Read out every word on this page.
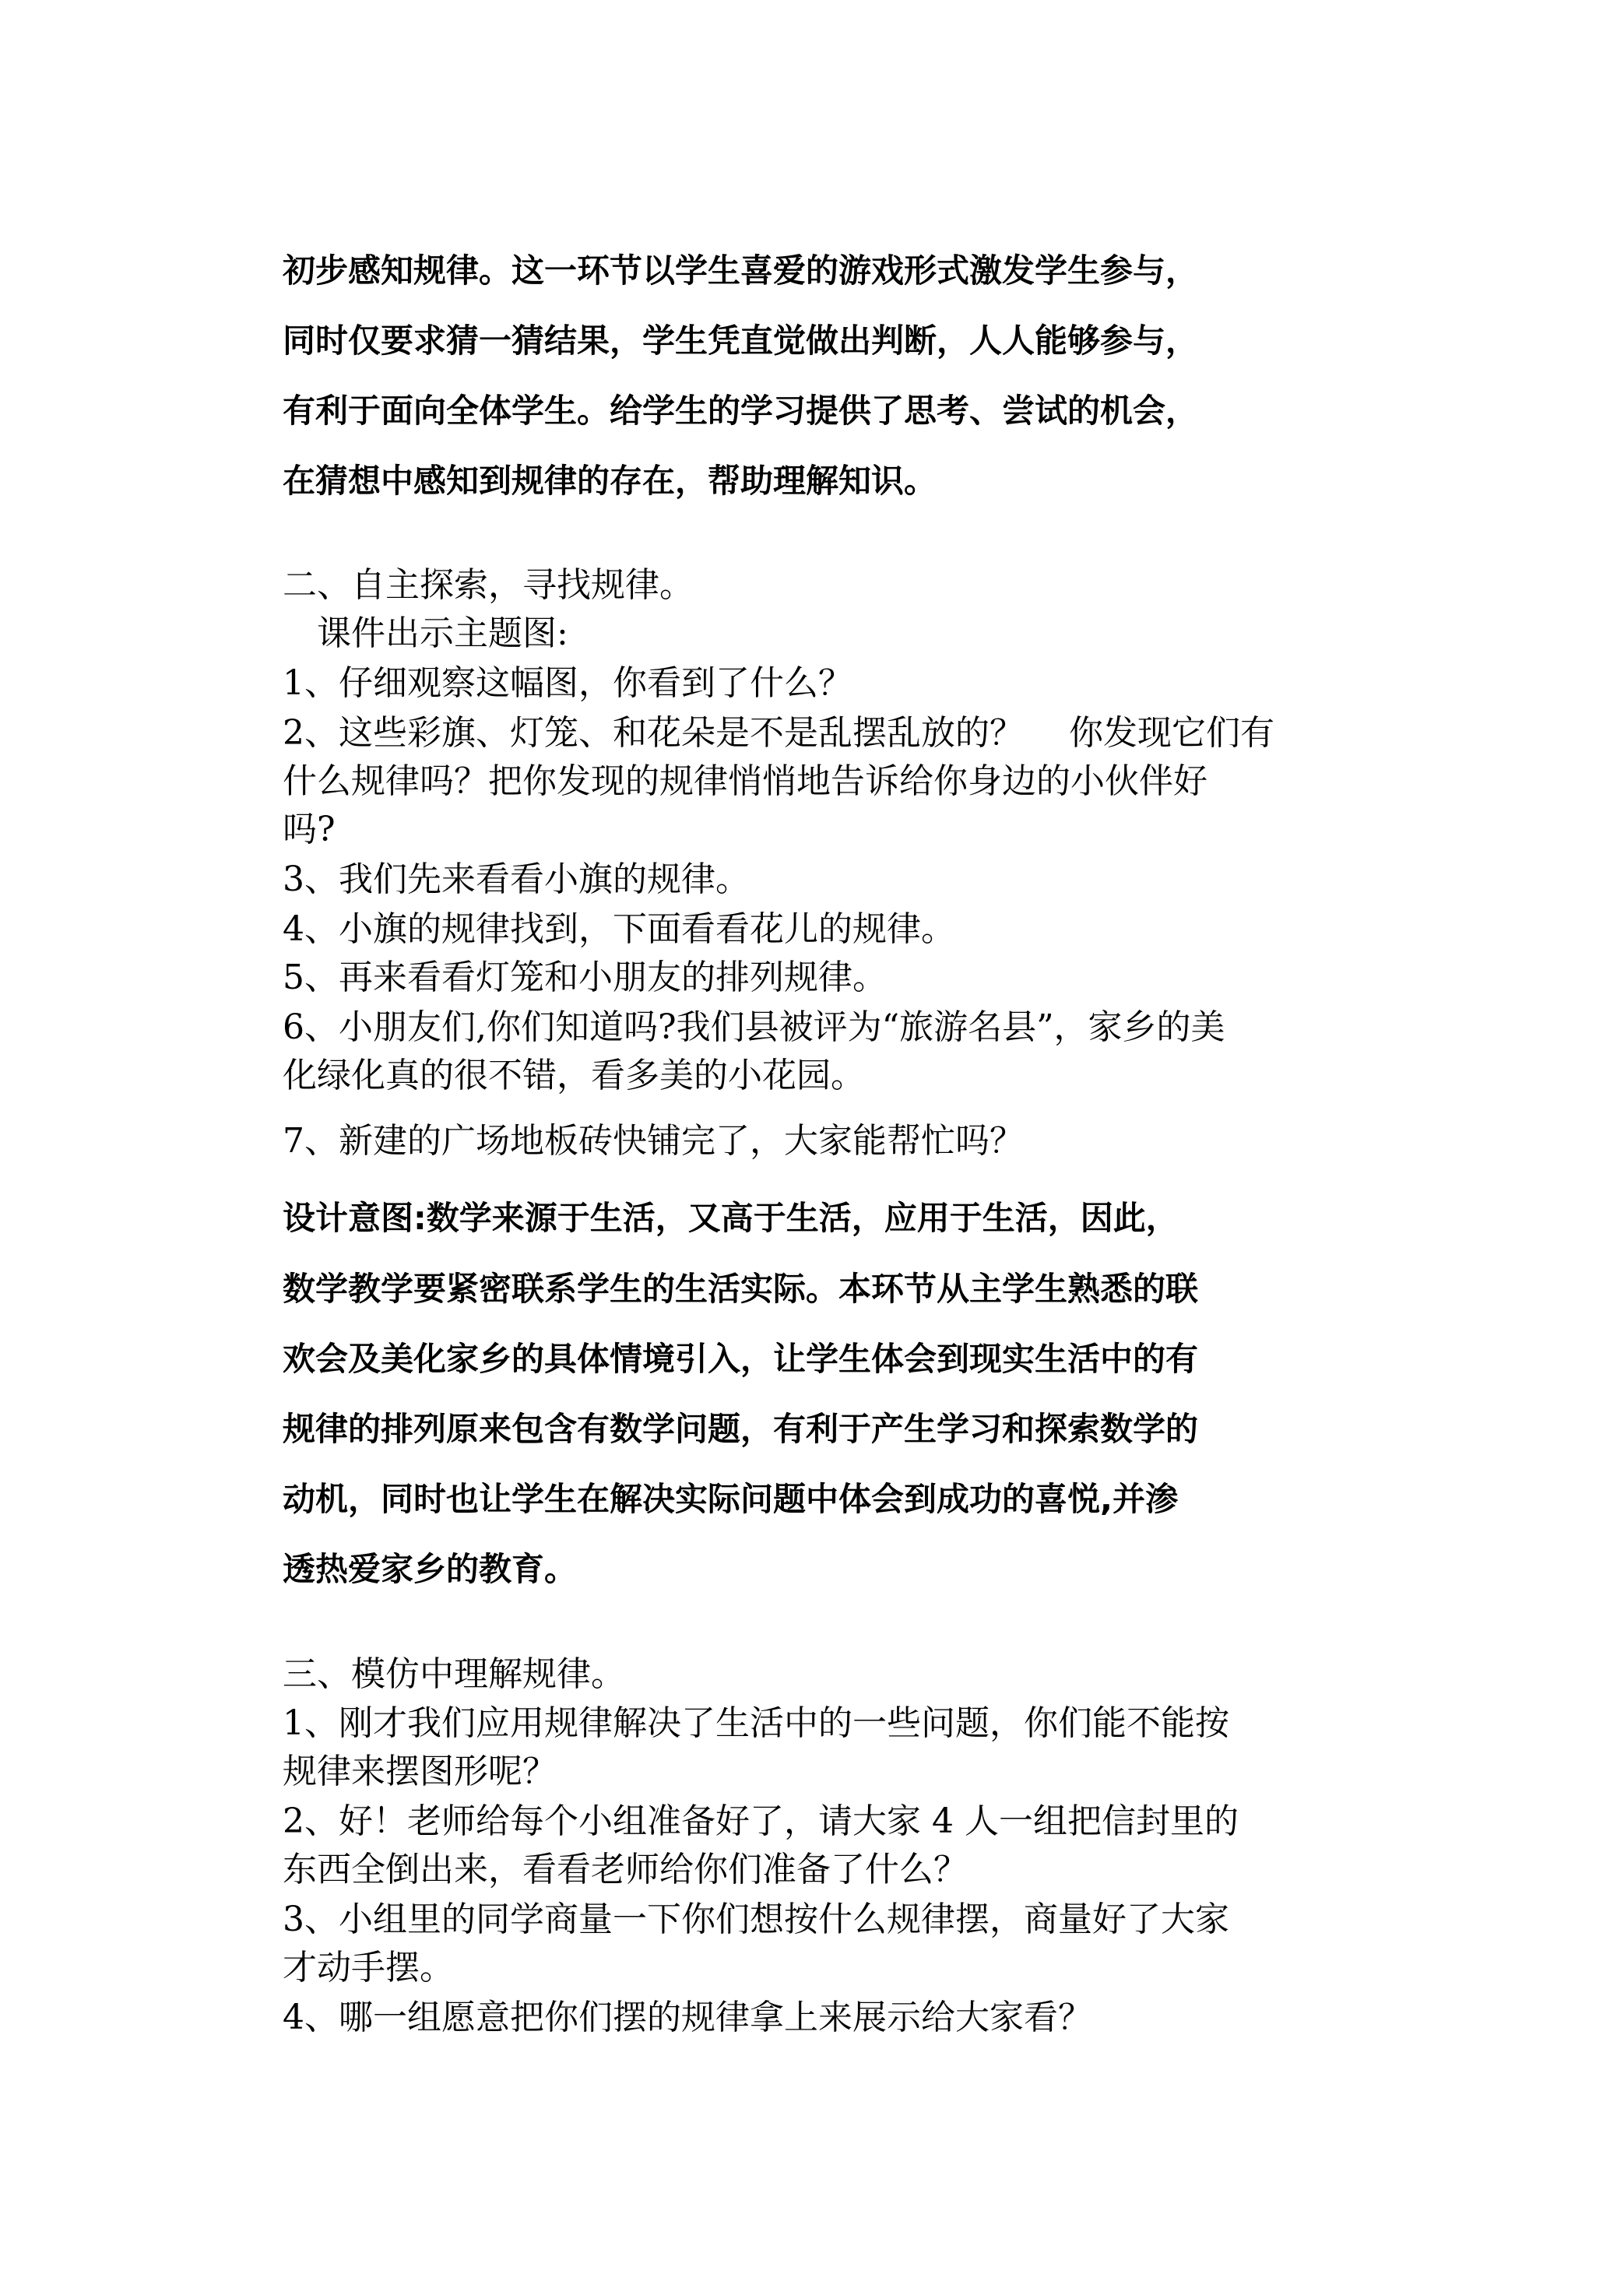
初步感知规律。这一环节以学生喜爱的游戏形式激发学生参与，

同时仅要求猜一猜结果，学生凭直觉做出判断，人人能够参与，

有利于面向全体学生。给学生的学习提供了思考、尝试的机会，

在猜想中感知到规律的存在，帮助理解知识。

二、自主探索，寻找规律。

　课件出示主题图:

1、仔细观察这幅图，你看到了什么？

2、这些彩旗、灯笼、和花朵是不是乱摆乱放的？　 你发现它们有

什么规律吗？把你发现的规律悄悄地告诉给你身边的小伙伴好

吗?

3、我们先来看看小旗的规律。

4、小旗的规律找到，下面看看花儿的规律。

5、再来看看灯笼和小朋友的排列规律。

6、小朋友们,你们知道吗?我们县被评为“旅游名县”，家乡的美

化绿化真的很不错，看多美的小花园。

7、新建的广场地板砖快铺完了，大家能帮忙吗？

设计意图:数学来源于生活，又高于生活，应用于生活，因此，

数学教学要紧密联系学生的生活实际。本环节从主学生熟悉的联

欢会及美化家乡的具体情境引入，让学生体会到现实生活中的有

规律的排列原来包含有数学问题，有利于产生学习和探索数学的

动机，同时也让学生在解决实际问题中体会到成功的喜悦,并渗

透热爱家乡的教育。

三、模仿中理解规律。

1、刚才我们应用规律解决了生活中的一些问题，你们能不能按

规律来摆图形呢？

2、好！老师给每个小组准备好了，请大家 4 人一组把信封里的

东西全倒出来，看看老师给你们准备了什么？

3、小组里的同学商量一下你们想按什么规律摆，商量好了大家

才动手摆。

4、哪一组愿意把你们摆的规律拿上来展示给大家看？
